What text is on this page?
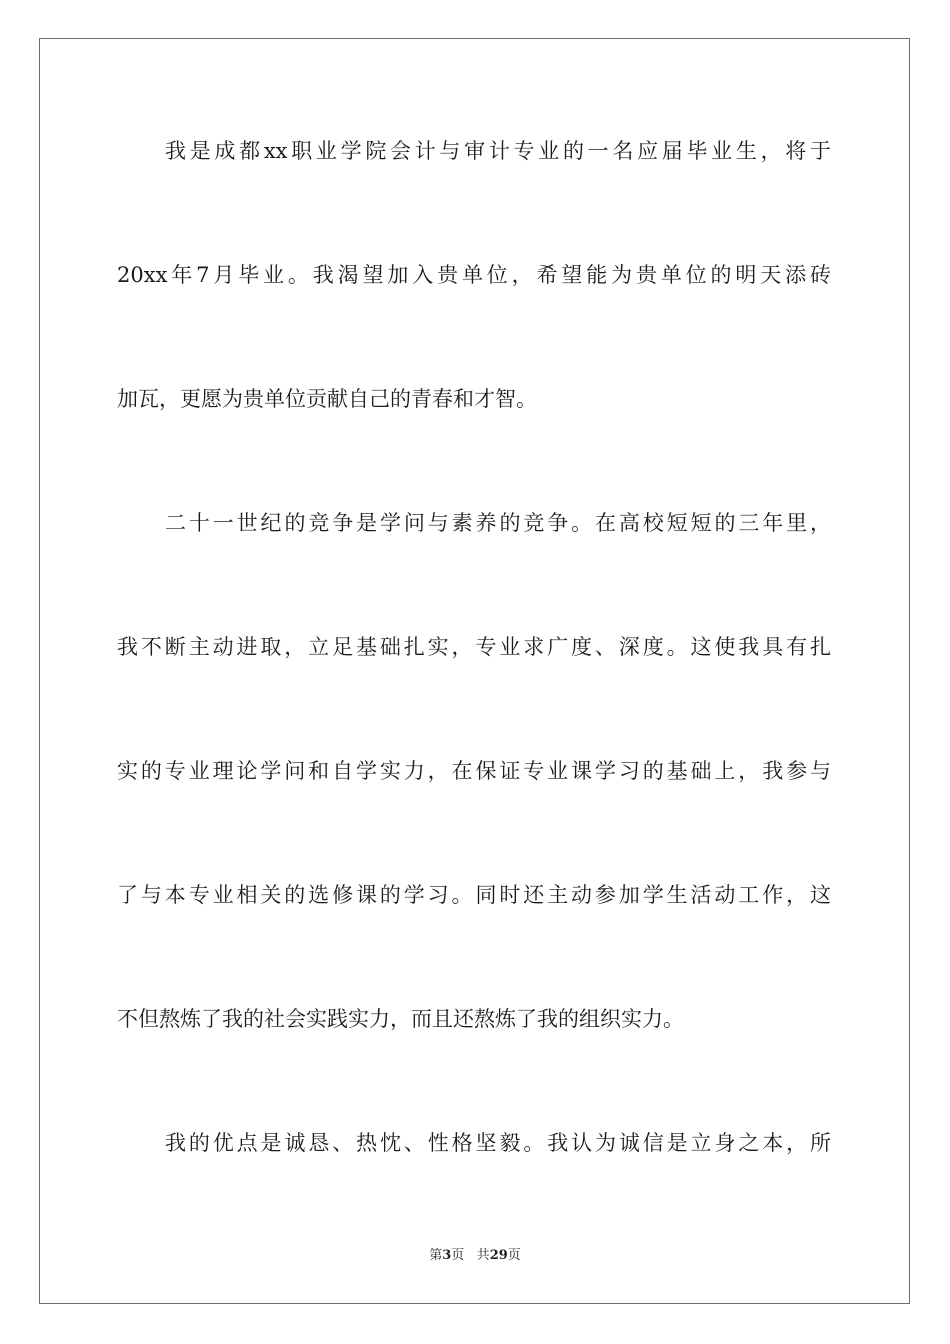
我是成都xx职业学院会计与审计专业的一名应届毕业生，将于
20xx年7月毕业。我渴望加入贵单位，希望能为贵单位的明天添砖
加瓦，更愿为贵单位贡献自己的青春和才智。
二十一世纪的竞争是学问与素养的竞争。在高校短短的三年里，
我不断主动进取，立足基础扎实，专业求广度、深度。这使我具有扎
实的专业理论学问和自学实力，在保证专业课学习的基础上，我参与
了与本专业相关的选修课的学习。同时还主动参加学生活动工作，这
不但熬炼了我的社会实践实力，而且还熬炼了我的组织实力。
我的优点是诚恳、热忱、性格坚毅。我认为诚信是立身之本，所
第3页 共29页
